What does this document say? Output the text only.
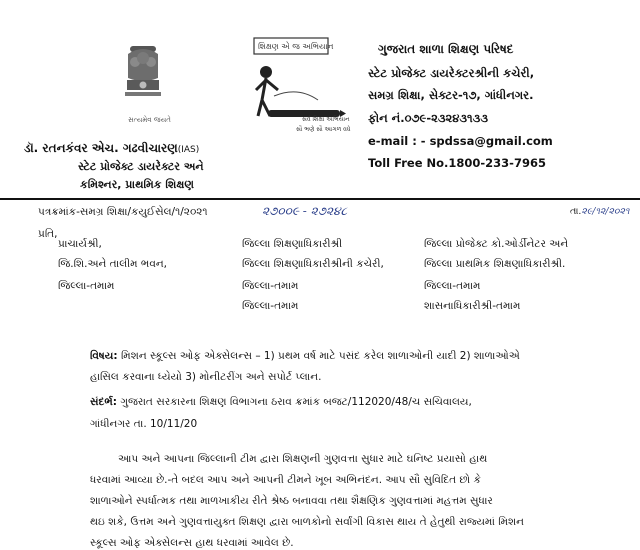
સત્યમેવ જયતે
ડૉ. રતનકંવર એચ. ગઢવીચારણ(IAS)
સ્ટેટ પ્રોજેક્ટ ડાયરેક્ટર અને
કમિશ્નર, પ્રાથમિક શિક્ષણ
શિક્ષણ એ જ અભિયાન
સર્વ શિક્ષા અભિયાન
સૌ ભણે સૌ આગળ વધે
ગુજરાત શાળા શિક્ષણ પરિષદ
સ્ટેટ પ્રોજેક્ટ ડાયરેક્ટરશ્રીની કચેરી,
સમગ્ર શિક્ષા, સેક્ટર-૧૭, ગાંધીનગર.
ફોન નં.૦૭૯-૨૩૨૪૩૧૩૩
e-mail : - spdssa@gmail.com
Toll Free No.1800-233-7965
પત્રક્રમાંક-સમગ્ર શિક્ષા/કયુઈસેલ/૧/૨૦૨૧	૨૭૦૦૯ - ૨૭૨૪૮	તા.૨૯/૧૨/૨૦૨૧
પ્રતિ,
પ્રાચાર્યશ્રી,
જિ.શિ.અને તાલીમ ભવન,
જિલ્લા-તમામ
જિલ્લા શિક્ષણાધિકારીશ્રી
જિલ્લા શિક્ષણાધિકારીશ્રીની કચેરી,
જિલ્લા-તમામ
જિલ્લા-તમામ
જિલ્લા પ્રોજેક્ટ કો.ઓર્ડીનેટર અને
જિલ્લા પ્રાથમિક શિક્ષણાધિકારીશ્રી.
જિલ્લા-તમામ
શાસનાધિકારીશ્રી-તમામ
વિષય: મિશન સ્કૂલ્સ ઓફ એક્સેલન્સ – 1) પ્રથમ વર્ષ માટે પસંદ કરેલ શાળાઓની યાદી 2) શાળાઓએ
હાસિલ કરવાના ધ્યેયો 3) મોનીટરીંગ અને સપોર્ટ પ્લાન.
સંદર્ભ: ગુજરાત સરકારના શિક્ષણ વિભાગના ઠરાવ ક્રમાંક બજટ/112020/48/ચ સચિવાલય,
ગાંધીનગર તા. 10/11/20
આપ અને આપના જિલ્લાની ટીમ દ્વારા શિક્ષણની ગુણવત્તા સુધાર માટે ઘનિષ્ટ પ્રયાસો હાથ
ધરવામાં આવ્યા છે.-તે બદલ આપ અને આપની ટીમને ખૂબ અભિનંદન. આપ સૌ સુવિદિત છો કે
શાળાઓને સ્પર્ધાત્મક તથા માળખાકીય રીતે શ્રેષ્ઠ બનાવવા તથા શૈક્ષણિક ગુણવત્તામાં મહત્તમ સુધાર
થઇ શકે, ઉત્તમ અને ગુણવત્તાયુક્ત શિક્ષણ દ્વારા બાળકોનો સર્વાંગી વિકાસ થાય તે હેતુથી રાજ્યમાં મિશન
સ્કૂલ્સ ઓફ એક્સેલન્સ હાથ ધરવામાં આવેલ છે.
